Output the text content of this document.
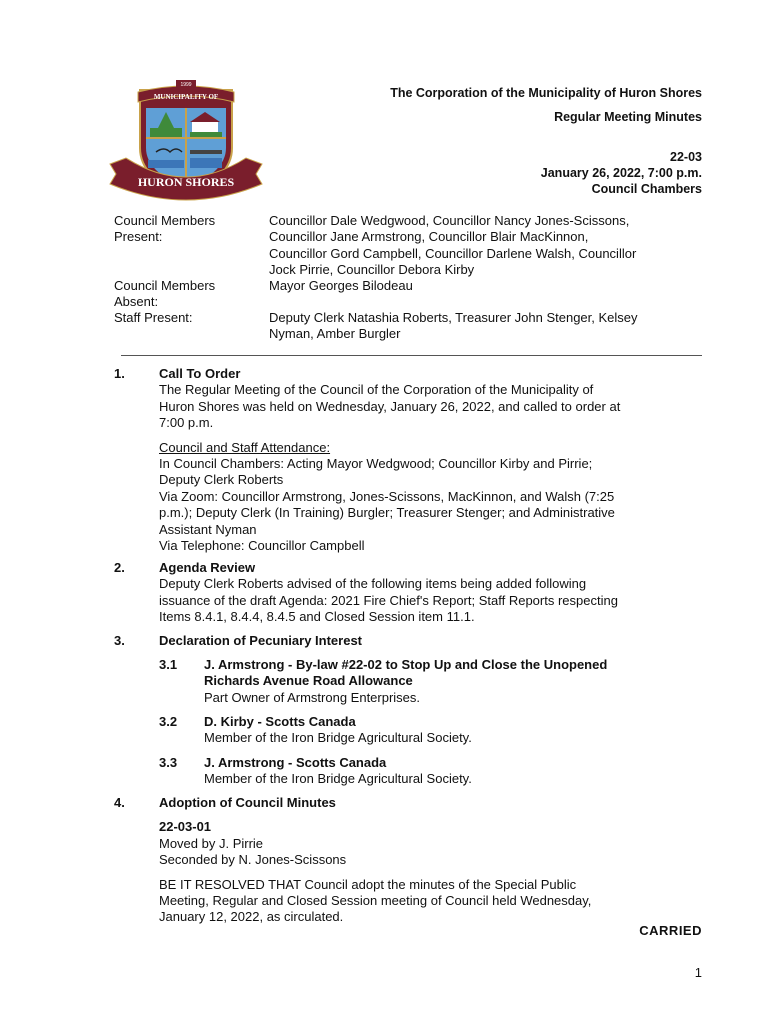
MUNICIPALITY OF
1999
HURON SHORES
The Corporation of the Municipality of Huron Shores
Regular Meeting Minutes
22-03
January 26, 2022, 7:00 p.m.
Council Chambers
Council Members
Present:
Councillor Dale Wedgwood, Councillor Nancy Jones-Scissons,
Councillor Jane Armstrong, Councillor Blair MacKinnon,
Councillor Gord Campbell, Councillor Darlene Walsh, Councillor
Jock Pirrie, Councillor Debora Kirby
Council Members
Absent:
Mayor Georges Bilodeau
Staff Present:	Deputy Clerk Natashia Roberts, Treasurer John Stenger, Kelsey
Nyman, Amber Burgler
1.	Call To Order
The Regular Meeting of the Council of the Corporation of the Municipality of
Huron Shores was held on Wednesday, January 26, 2022, and called to order at
7:00 p.m.
Council and Staff Attendance:
In Council Chambers: Acting Mayor Wedgwood; Councillor Kirby and Pirrie;
Deputy Clerk Roberts
Via Zoom: Councillor Armstrong, Jones-Scissons, MacKinnon, and Walsh (7:25
p.m.); Deputy Clerk (In Training) Burgler; Treasurer Stenger; and Administrative
Assistant Nyman
Via Telephone: Councillor Campbell
2.	Agenda Review
Deputy Clerk Roberts advised of the following items being added following
issuance of the draft Agenda: 2021 Fire Chief's Report; Staff Reports respecting
Items 8.4.1, 8.4.4, 8.4.5 and Closed Session item 11.1.
3.	Declaration of Pecuniary Interest
3.1 J. Armstrong - By-law #22-02 to Stop Up and Close the Unopened
Richards Avenue Road Allowance
Part Owner of Armstrong Enterprises.
3.2 D. Kirby - Scotts Canada
Member of the Iron Bridge Agricultural Society.
3.3 J. Armstrong - Scotts Canada
Member of the Iron Bridge Agricultural Society.
4.	Adoption of Council Minutes
22-03-01
Moved by J. Pirrie
Seconded by N. Jones-Scissons
BE IT RESOLVED THAT Council adopt the minutes of the Special Public
Meeting, Regular and Closed Session meeting of Council held Wednesday,
January 12, 2022, as circulated.
CARRIED
1
